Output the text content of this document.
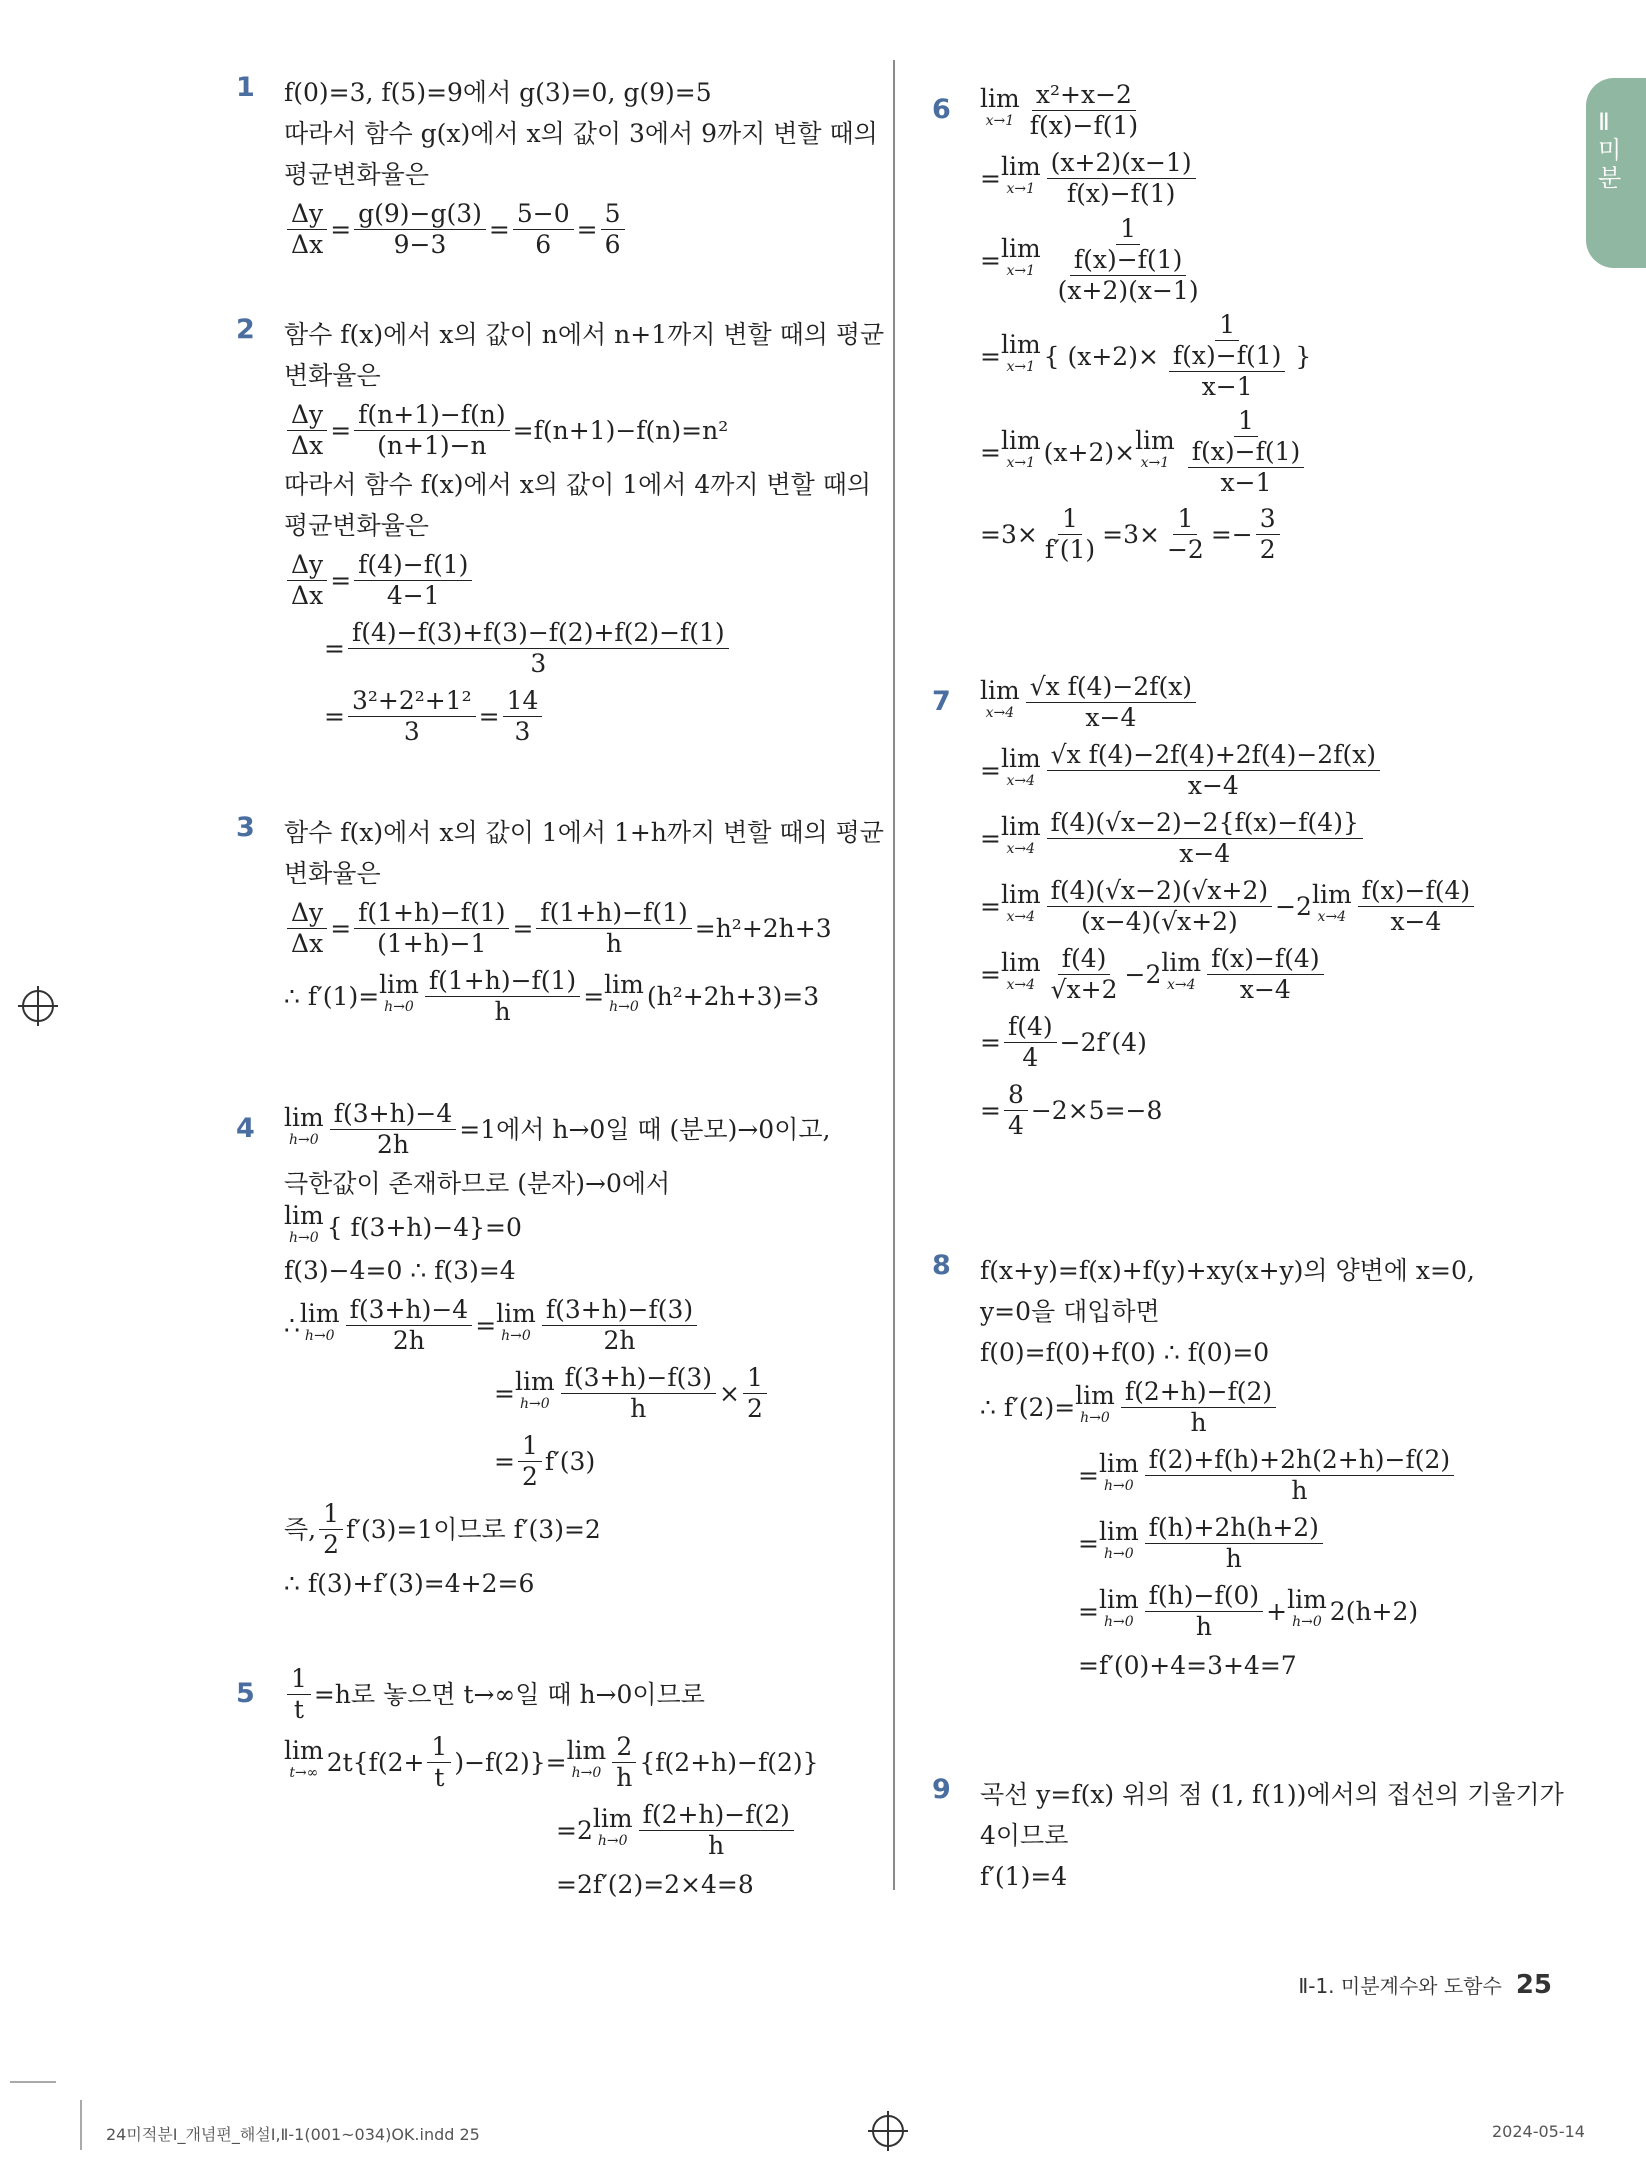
Ⅱ 미분
1 f(0)=3, f(5)=9에서 g(3)=0, g(9)=5
따라서 함수 g(x)에서 x의 값이 3에서 9까지 변할 때의
평균변화율은
Δy
Δx
=
g(9)−g(3)
9−3
=
5−0
6
=
5
6
2 함수 f(x)에서 x의 값이 n에서 n+1까지 변할 때의 평균
변화율은
Δy
Δx
= $\frac{f(n+1)-f(n)}{(n+1)-n} =f(n+1)-f(n)=n^2$
따라서 함수 f(x)에서 x의 값이 1에서 4까지 변할 때의
평균변화율은
Δy
Δx
=
f(4)−f(1)
4−1
=
f(4)−f(3)+f(3)−f(2)+f(2)−f(1)
3
=
3²+2²+1²
3
=
14
3
3 함수 f(x)에서 x의 값이 1에서 1+h까지 변할 때의 평균
변화율은
Δy
Δx
=
f(1+h)−f(1)
(1+h)−1
= $\frac{f(1+h)-f(1)}{h} =h^2+2h+3$
∴ f′(1)= lim
$h\to 0 \frac{f(1+h)-f(1)}{h} = \lim$
h→0 (h²+2h+3)=3
4 lim
$h\to 0 \frac{f(3+h)-4}{2h} =1$에서 h→0일 때 (분모)→0이고,
극한값이 존재하므로 (분자)→0에서
lim
h→0 { f(3+h)−4}=0
f(3)−4=0 ∴ f(3)=4
∴ lim
$h\to 0 \frac{f(3+h)-4}{2h} = \lim$
h→0
f(3+h)−f(3)
2h
= lim
$h\to 0 \frac{f(3+h)-f(3)}{h} \times \frac{1}{2}$
= $\frac{1}{2} f'(3)$
즉,
1
2
f′(3)=1이므로 f′(3)=2
∴ f(3)+f′(3)=4+2=6
$5 \frac{1}{t} =h$로 놓으면 t→∞일 때 h→0이므로
lim
t→∞ 2t $\{f(2+ \frac{1}{t} )-f(2)\} = \lim$
h→0
2
h
{f(2+h)−f(2)}
=2 lim
h→0
f(2+h)−f(2)
h
=2f′(2)=2×4=8
6 lim
x→1
x²+x−2
f(x)−f(1)
= lim
x→1
(x+2)(x−1)
f(x)−f(1)
= lim
x→1
1
$\frac{f(x)-f(1)}{(x+2)(x-1)}$
= lim
x→1 { $(x+2)\times \frac{1}{\frac{f(x)-f(1)}{x-1}}$ }
= lim
x→1 (x+2)× lim
x→1
1
$\frac{f(x)-f(1)}{x-1}$
$=3\times \frac{1}{f'(1)} =3\times \frac{1}{-2} =- \frac{3}{2}$
7 lim
x→4
√x f(4)−2f(x)
x−4
= lim
x→4
√x f(4)−2f(4)+2f(4)−2f(x)
x−4
= lim
x→4
f(4)(√x−2)−2{f(x)−f(4)}
x−4
= lim
x→4
f(4)(√x−2)(√x+2)
(x−4)(√x+2)
−2 lim
x→4
f(x)−f(4)
x−4
= lim
x→4
f(4)
√x+2
−2 lim
x→4
f(x)−f(4)
x−4
= $\frac{f(4)}{4} -2f'(4)$
= $\frac{8}{4} -2\times 5=-8$
8 f(x+y)=f(x)+f(y)+xy(x+y)의 양변에 x=0,
y=0을 대입하면
f(0)=f(0)+f(0) ∴ f(0)=0
∴ f′(2)= lim
h→0
f(2+h)−f(2)
h
= lim
h→0
f(2)+f(h)+2h(2+h)−f(2)
h
= lim
h→0
f(h)+2h(h+2)
h
= lim
h→0
f(h)−f(0)
h
+ lim
h→0 2(h+2)
=f′(0)+4=3+4=7
9 곡선 y=f(x) 위의 점 (1, f(1))에서의 접선의 기울기가
4이므로
f′(1)=4
Ⅱ-1. 미분계수와 도함수 25
24미적분Ⅰ_개념편_해설Ⅰ,Ⅱ-1(001~034)OK.indd 25	2024-05-14
